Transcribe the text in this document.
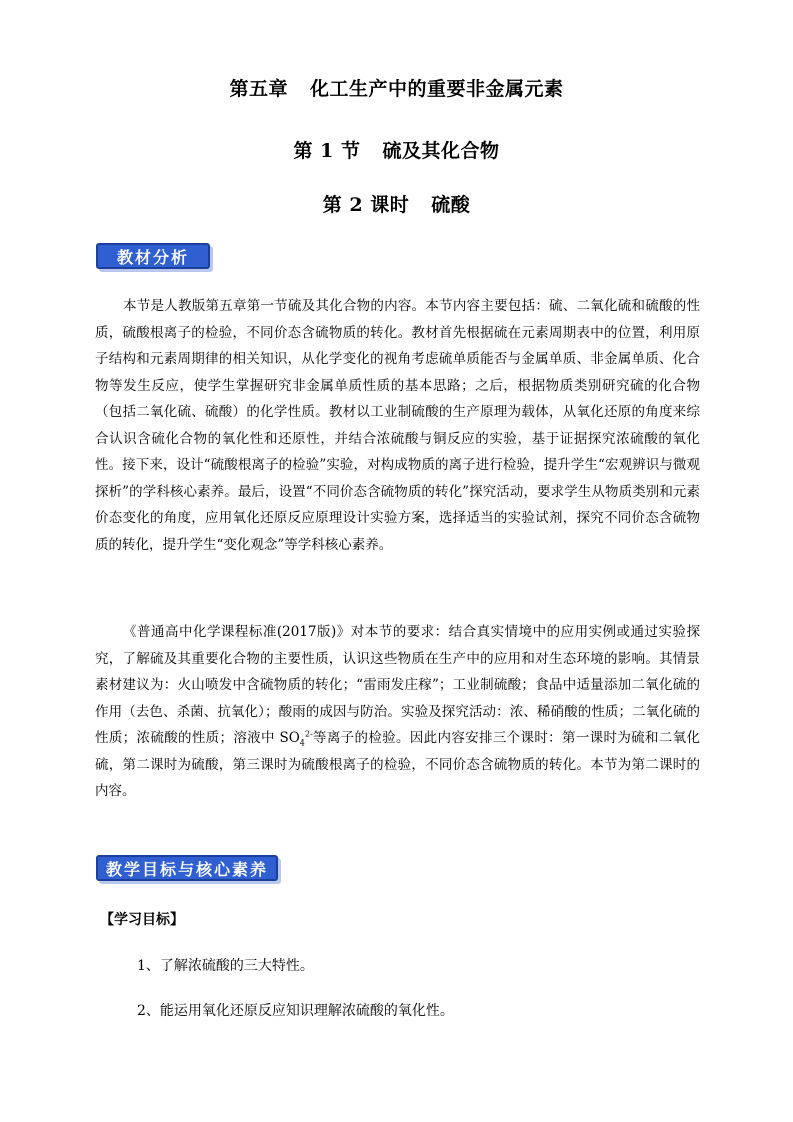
第五章 化工生产中的重要非金属元素
第 1 节 硫及其化合物
第 2 课时 硫酸
教材分析

本节是人教版第五章第一节硫及其化合物的内容。本节内容主要包括：硫、二氧化硫和硫酸的性质，硫酸根离子的检验，不同价态含硫物质的转化。教材首先根据硫在元素周期表中的位置，利用原子结构和元素周期律的相关知识，从化学变化的视角考虑硫单质能否与金属单质、非金属单质、化合物等发生反应，使学生掌握研究非金属单质性质的基本思路；之后，根据物质类别研究硫的化合物（包括二氧化硫、硫酸）的化学性质。教材以工业制硫酸的生产原理为载体，从氧化还原的角度来综合认识含硫化合物的氧化性和还原性，并结合浓硫酸与铜反应的实验，基于证据探究浓硫酸的氧化性。接下来，设计“硫酸根离子的检验”实验，对构成物质的离子进行检验，提升学生“宏观辨识与微观探析”的学科核心素养。最后，设置“不同价态含硫物质的转化”探究活动，要求学生从物质类别和元素价态变化的角度，应用氧化还原反应原理设计实验方案，选择适当的实验试剂，探究不同价态含硫物质的转化，提升学生“变化观念”等学科核心素养。

《普通高中化学课程标准(2017版)》对本节的要求：结合真实情境中的应用实例或通过实验探究，了解硫及其重要化合物的主要性质，认识这些物质在生产中的应用和对生态环境的影响。其情景素材建议为：火山喷发中含硫物质的转化；“雷雨发庄稼”；工业制硫酸；食品中适量添加二氧化硫的作用（去色、杀菌、抗氧化）；酸雨的成因与防治。实验及探究活动：浓、稀硝酸的性质；二氧化硫的性质；浓硫酸的性质；溶液中 $SO_4^{2-}$等离子的检验。因此内容安排三个课时：第一课时为硫和二氧化硫，第二课时为硫酸，第三课时为硫酸根离子的检验，不同价态含硫物质的转化。本节为第二课时的内容。

教学目标与核心素养
【学习目标】
1、了解浓硫酸的三大特性。
2、能运用氧化还原反应知识理解浓硫酸的氧化性。
